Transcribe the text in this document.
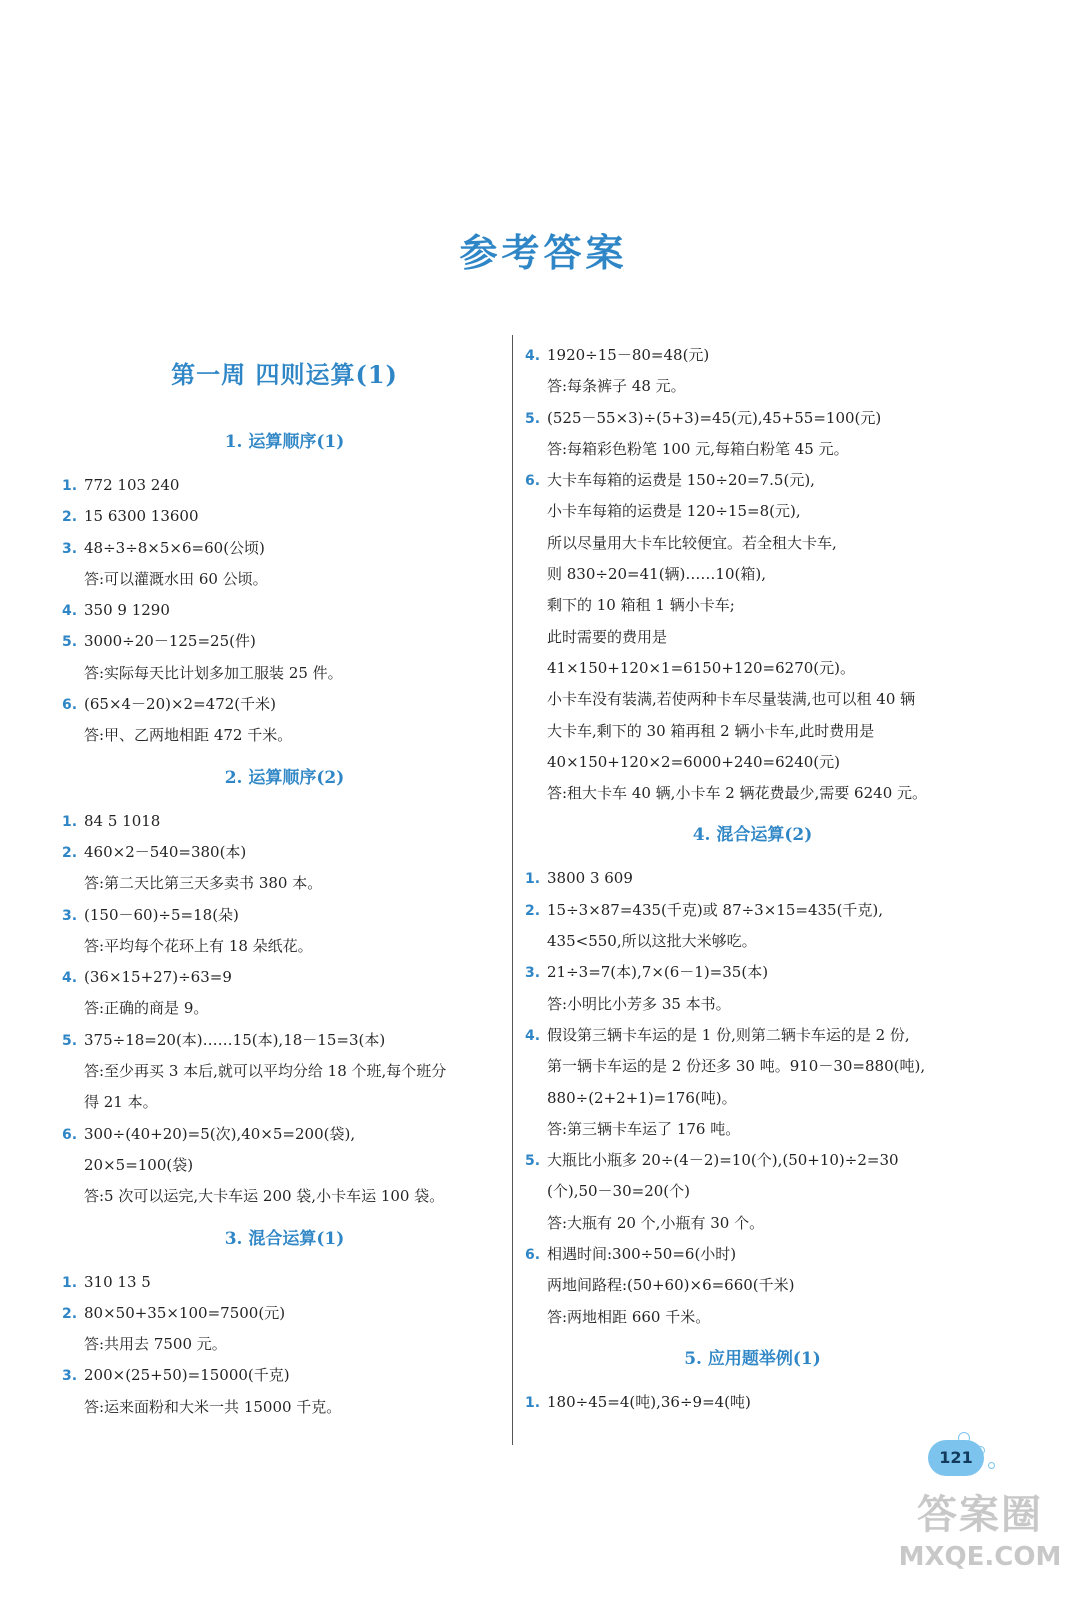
参考答案
第一周 四则运算(1)
1. 运算顺序(1)
1. 772 103 240
2. 15 6300 13600
3. 48÷3÷8×5×6=60(公顷)
答:可以灌溉水田 60 公顷。
4. 350 9 1290
5. 3000÷20－125=25(件)
答:实际每天比计划多加工服装 25 件。
6. (65×4－20)×2=472(千米)
答:甲、乙两地相距 472 千米。
2. 运算顺序(2)
1. 84 5 1018
2. 460×2－540=380(本)
答:第二天比第三天多卖书 380 本。
3. (150－60)÷5=18(朵)
答:平均每个花环上有 18 朵纸花。
4. (36×15+27)÷63=9
答:正确的商是 9。
5. 375÷18=20(本)……15(本),18－15=3(本)
答:至少再买 3 本后,就可以平均分给 18 个班,每个班分
得 21 本。
6. 300÷(40+20)=5(次),40×5=200(袋),
20×5=100(袋)
答:5 次可以运完,大卡车运 200 袋,小卡车运 100 袋。
3. 混合运算(1)
1. 310 13 5
2. 80×50+35×100=7500(元)
答:共用去 7500 元。
3. 200×(25+50)=15000(千克)
答:运来面粉和大米一共 15000 千克。
4. 1920÷15－80=48(元)
答:每条裤子 48 元。
5. (525－55×3)÷(5+3)=45(元),45+55=100(元)
答:每箱彩色粉笔 100 元,每箱白粉笔 45 元。
6. 大卡车每箱的运费是 150÷20=7.5(元),
小卡车每箱的运费是 120÷15=8(元),
所以尽量用大卡车比较便宜。若全租大卡车,
则 830÷20=41(辆)……10(箱),
剩下的 10 箱租 1 辆小卡车;
此时需要的费用是
41×150+120×1=6150+120=6270(元)。
小卡车没有装满,若使两种卡车尽量装满,也可以租 40 辆
大卡车,剩下的 30 箱再租 2 辆小卡车,此时费用是
40×150+120×2=6000+240=6240(元)
答:租大卡车 40 辆,小卡车 2 辆花费最少,需要 6240 元。
4. 混合运算(2)
1. 3800 3 609
2. 15÷3×87=435(千克)或 87÷3×15=435(千克),
435<550,所以这批大米够吃。
3. 21÷3=7(本),7×(6－1)=35(本)
答:小明比小芳多 35 本书。
4. 假设第三辆卡车运的是 1 份,则第二辆卡车运的是 2 份,
第一辆卡车运的是 2 份还多 30 吨。910－30=880(吨),
880÷(2+2+1)=176(吨)。
答:第三辆卡车运了 176 吨。
5. 大瓶比小瓶多 20÷(4－2)=10(个),(50+10)÷2=30
(个),50－30=20(个)
答:大瓶有 20 个,小瓶有 30 个。
6. 相遇时间:300÷50=6(小时)
两地间路程:(50+60)×6=660(千米)
答:两地相距 660 千米。
5. 应用题举例(1)
1. 180÷45=4(吨),36÷9=4(吨)
121
答案圈
MXQE.COM
